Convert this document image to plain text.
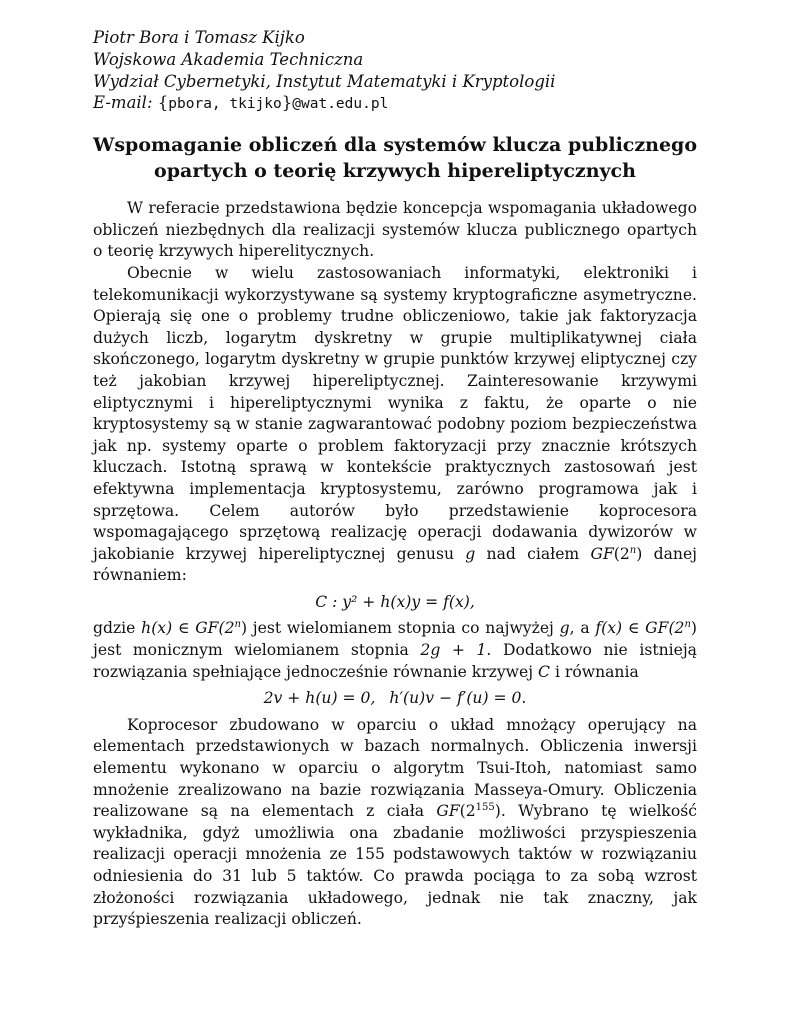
Piotr Bora i Tomasz Kijko
Wojskowa Akademia Techniczna
Wydział Cybernetyki, Instytut Matematyki i Kryptologii
E-mail: {pbora, tkijko}@wat.edu.pl
Wspomaganie obliczeń dla systemów klucza publicznego
opartych o teorię krzywych hipereliptycznych

W referacie przedstawiona będzie koncepcja wspomagania układowego obliczeń niezbędnych dla realizacji systemów klucza publicznego opartych o teorię krzywych hiperelitycznych.

Obecnie w wielu zastosowaniach informatyki, elektroniki i telekomunikacji wykorzystywane są systemy kryptograficzne asymetryczne. Opierają się one o problemy trudne obliczeniowo, takie jak faktoryzacja dużych liczb, logarytm dyskretny w grupie multiplikatywnej ciała skończonego, logarytm dyskretny w grupie punktów krzywej eliptycznej czy też jakobian krzywej hipereliptycznej. Zainteresowanie krzywymi eliptycznymi i hipereliptycznymi wynika z faktu, że oparte o nie kryptosystemy są w stanie zagwarantować podobny poziom bezpieczeństwa jak np. systemy oparte o problem faktoryzacji przy znacznie krótszych kluczach. Istotną sprawą w kontekście praktycznych zastosowań jest efektywna implementacja kryptosystemu, zarówno programowa jak i sprzętowa. Celem autorów było przedstawienie koprocesora wspomagającego sprzętową realizację operacji dodawania dywizorów w jakobianie krzywej hipereliptycznej genusu g nad ciałem GF(2$^n$) danej równaniem:

C : y² + h(x)y = f(x),

gdzie h(x) ∈ GF(2$^n$) jest wielomianem stopnia co najwyżej g, a f(x) ∈ GF(2$^n$) jest monicznym wielomianem stopnia 2g + 1. Dodatkowo nie istnieją rozwiązania spełniające jednocześnie równanie krzywej C i równania

2v + h(u) = 0, h′(u)v − f′(u) = 0.

Koprocesor zbudowano w oparciu o układ mnożący operujący na elementach przedstawionych w bazach normalnych. Obliczenia inwersji elementu wykonano w oparciu o algorytm Tsui-Itoh, natomiast samo mnożenie zrealizowano na bazie rozwiązania Masseya-Omury. Obliczenia realizowane są na elementach z ciała $GF(2^{155})$. Wybrano tę wielkość wykładnika, gdyż umożliwia ona zbadanie możliwości przyspieszenia realizacji operacji mnożenia ze 155 podstawowych taktów w rozwiązaniu odniesienia do 31 lub 5 taktów. Co prawda pociąga to za sobą wzrost złożoności rozwiązania układowego, jednak nie tak znaczny, jak przyśpieszenia realizacji obliczeń.
